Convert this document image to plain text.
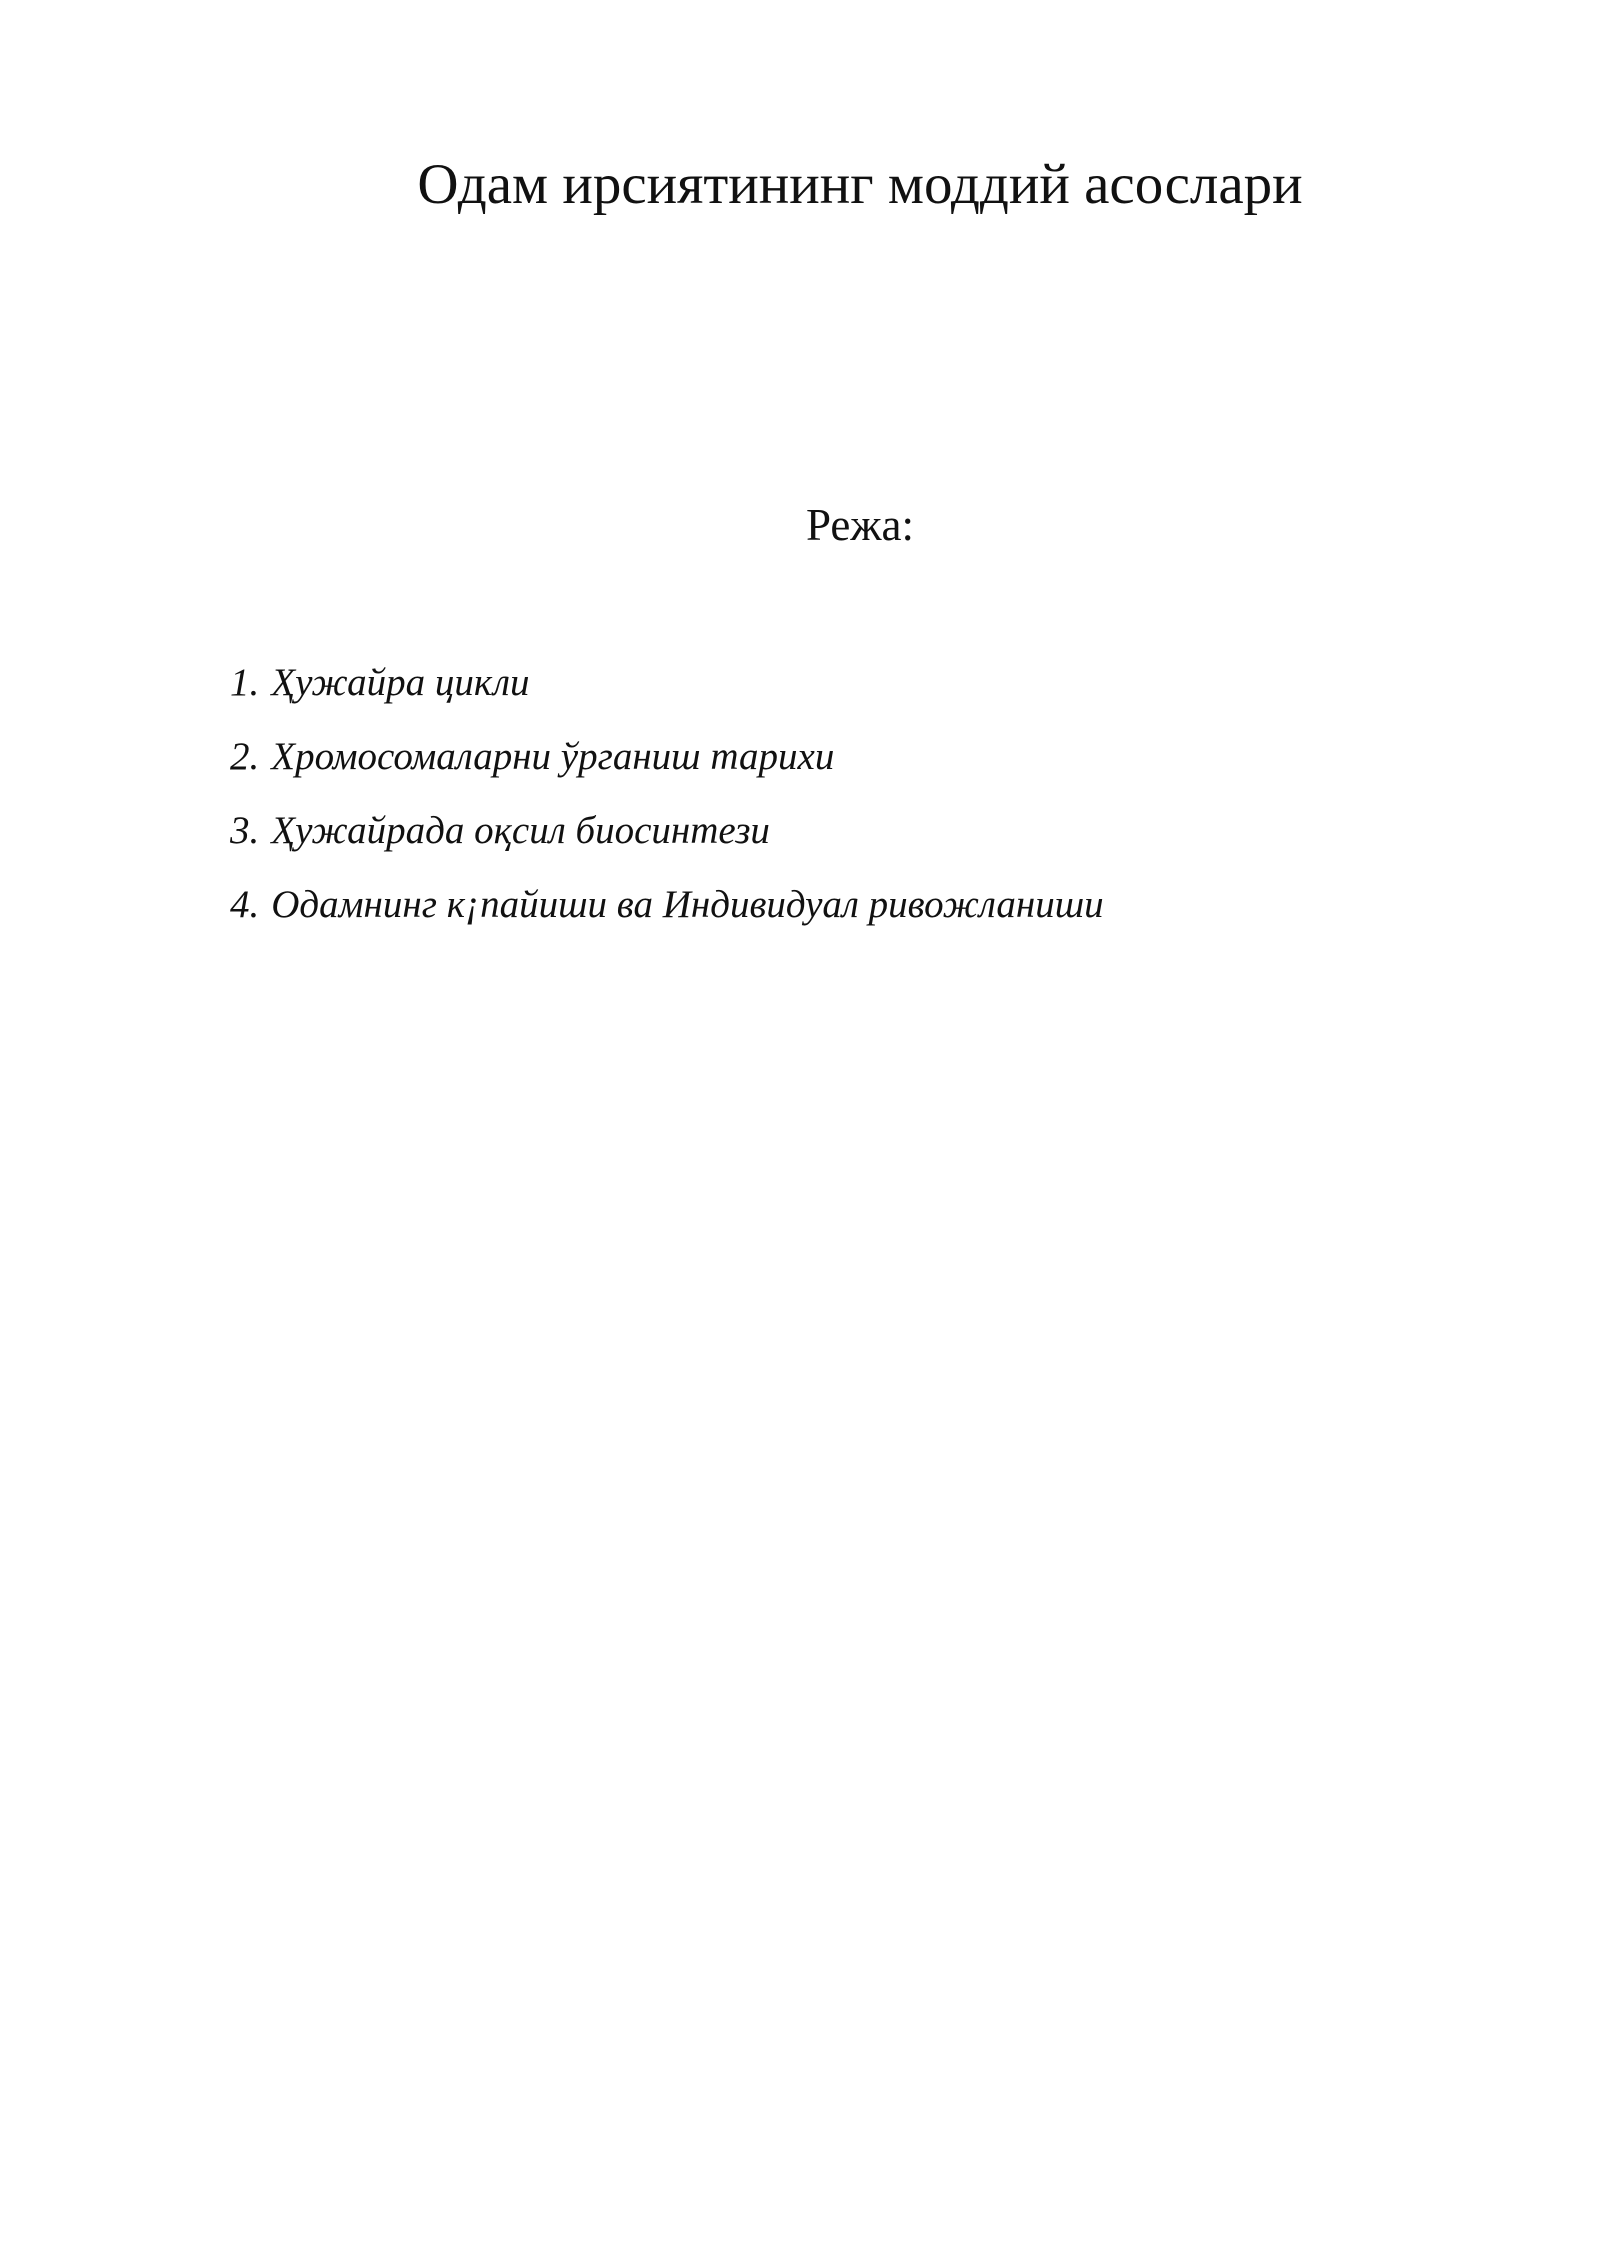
Одам ирсиятининг моддий асослари
Режа:
1. Ҳужайра цикли
2. Хромосомаларни ўрганиш тарихи
3. Ҳужайрада оқсил биосинтези
4. Одамнинг к¡пайиши ва Индивидуал ривожланиши
